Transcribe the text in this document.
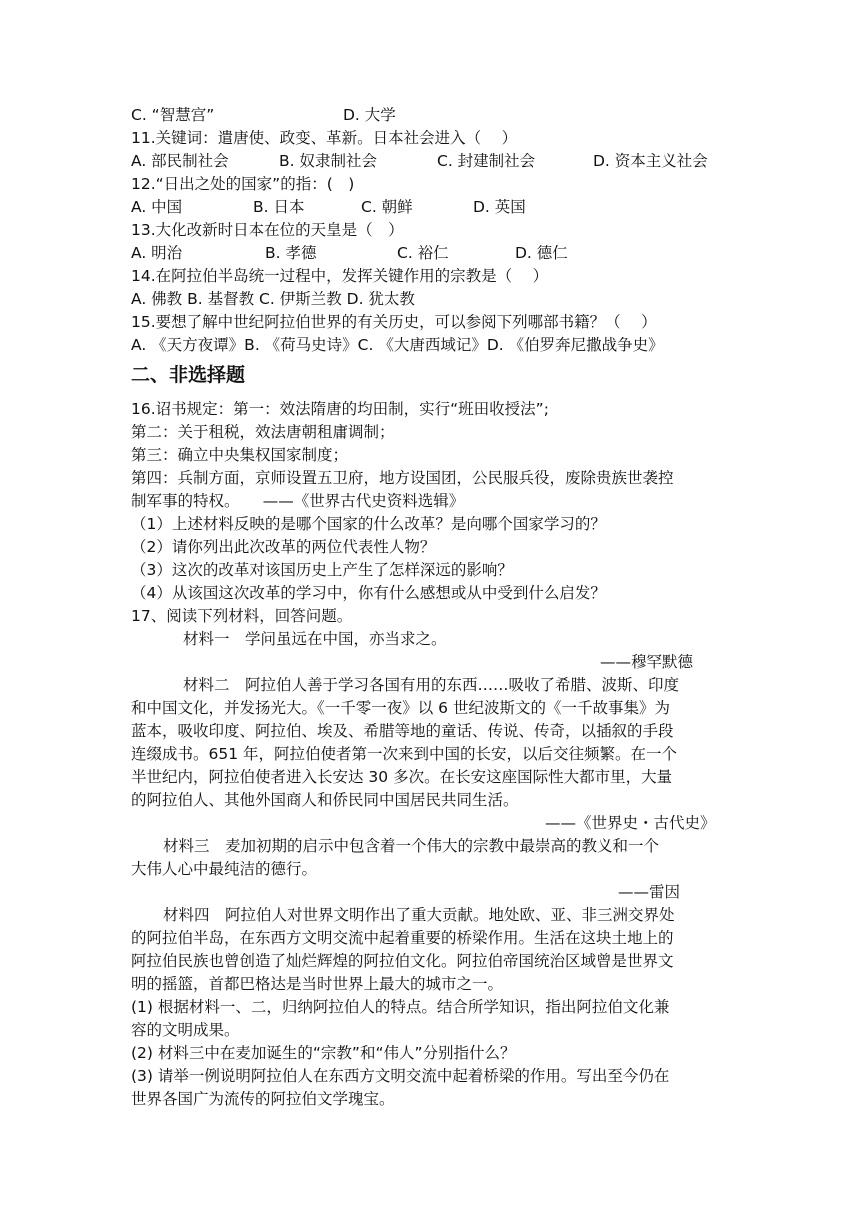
C. “智慧宫”	D. 大学
11.关键词：遣唐使、政变、革新。日本社会进入（　 ）
A. 部民制社会	B. 奴隶制社会	C. 封建制社会	D. 资本主义社会
12.“日出之处的国家”的指：(　)
A. 中国	B. 日本	C. 朝鲜	D. 英国
13.大化改新时日本在位的天皇是（　）
A. 明治	B. 孝德	C. 裕仁	D. 德仁
14.在阿拉伯半岛统一过程中，发挥关键作用的宗教是（　 ）
A. 佛教 B. 基督教 C. 伊斯兰教 D. 犹太教
15.要想了解中世纪阿拉伯世界的有关历史，可以参阅下列哪部书籍？（　 ）
A. 《天方夜谭》B. 《荷马史诗》C. 《大唐西域记》D. 《伯罗奔尼撒战争史》
二、非选择题
16.诏书规定：第一：效法隋唐的均田制，实行“班田收授法”;
第二：关于租税，效法唐朝租庸调制；
第三：确立中央集权国家制度；
第四：兵制方面，京师设置五卫府，地方设国团，公民服兵役，废除贵族世袭控
制军事的特权。　　——《世界古代史资料选辑》
（1）上述材料反映的是哪个国家的什么改革？是向哪个国家学习的？
（2）请你列出此次改革的两位代表性人物？
（3）这次的改革对该国历史上产生了怎样深远的影响？
（4）从该国这次改革的学习中，你有什么感想或从中受到什么启发？
17、阅读下列材料，回答问题。
材料一　学问虽远在中国，亦当求之。
——穆罕默德
材料二　阿拉伯人善于学习各国有用的东西……吸收了希腊、波斯、印度
和中国文化，并发扬光大。《一千零一夜》以 6 世纪波斯文的《一千故事集》为
蓝本，吸收印度、阿拉伯、埃及、希腊等地的童话、传说、传奇，以插叙的手段
连缀成书。651 年，阿拉伯使者第一次来到中国的长安，以后交往频繁。在一个
半世纪内，阿拉伯使者进入长安达 30 多次。在长安这座国际性大都市里，大量
的阿拉伯人、其他外国商人和侨民同中国居民共同生活。
——《世界史・古代史》
材料三　麦加初期的启示中包含着一个伟大的宗教中最崇高的教义和一个
大伟人心中最纯洁的德行。
——雷因
材料四　阿拉伯人对世界文明作出了重大贡献。地处欧、亚、非三洲交界处
的阿拉伯半岛，在东西方文明交流中起着重要的桥梁作用。生活在这块土地上的
阿拉伯民族也曾创造了灿烂辉煌的阿拉伯文化。阿拉伯帝国统治区域曾是世界文
明的摇篮，首都巴格达是当时世界上最大的城市之一。
(1) 根据材料一、二，归纳阿拉伯人的特点。结合所学知识，指出阿拉伯文化兼
容的文明成果。
(2) 材料三中在麦加诞生的“宗教”和“伟人”分别指什么？
(3) 请举一例说明阿拉伯人在东西方文明交流中起着桥梁的作用。写出至今仍在
世界各国广为流传的阿拉伯文学瑰宝。
